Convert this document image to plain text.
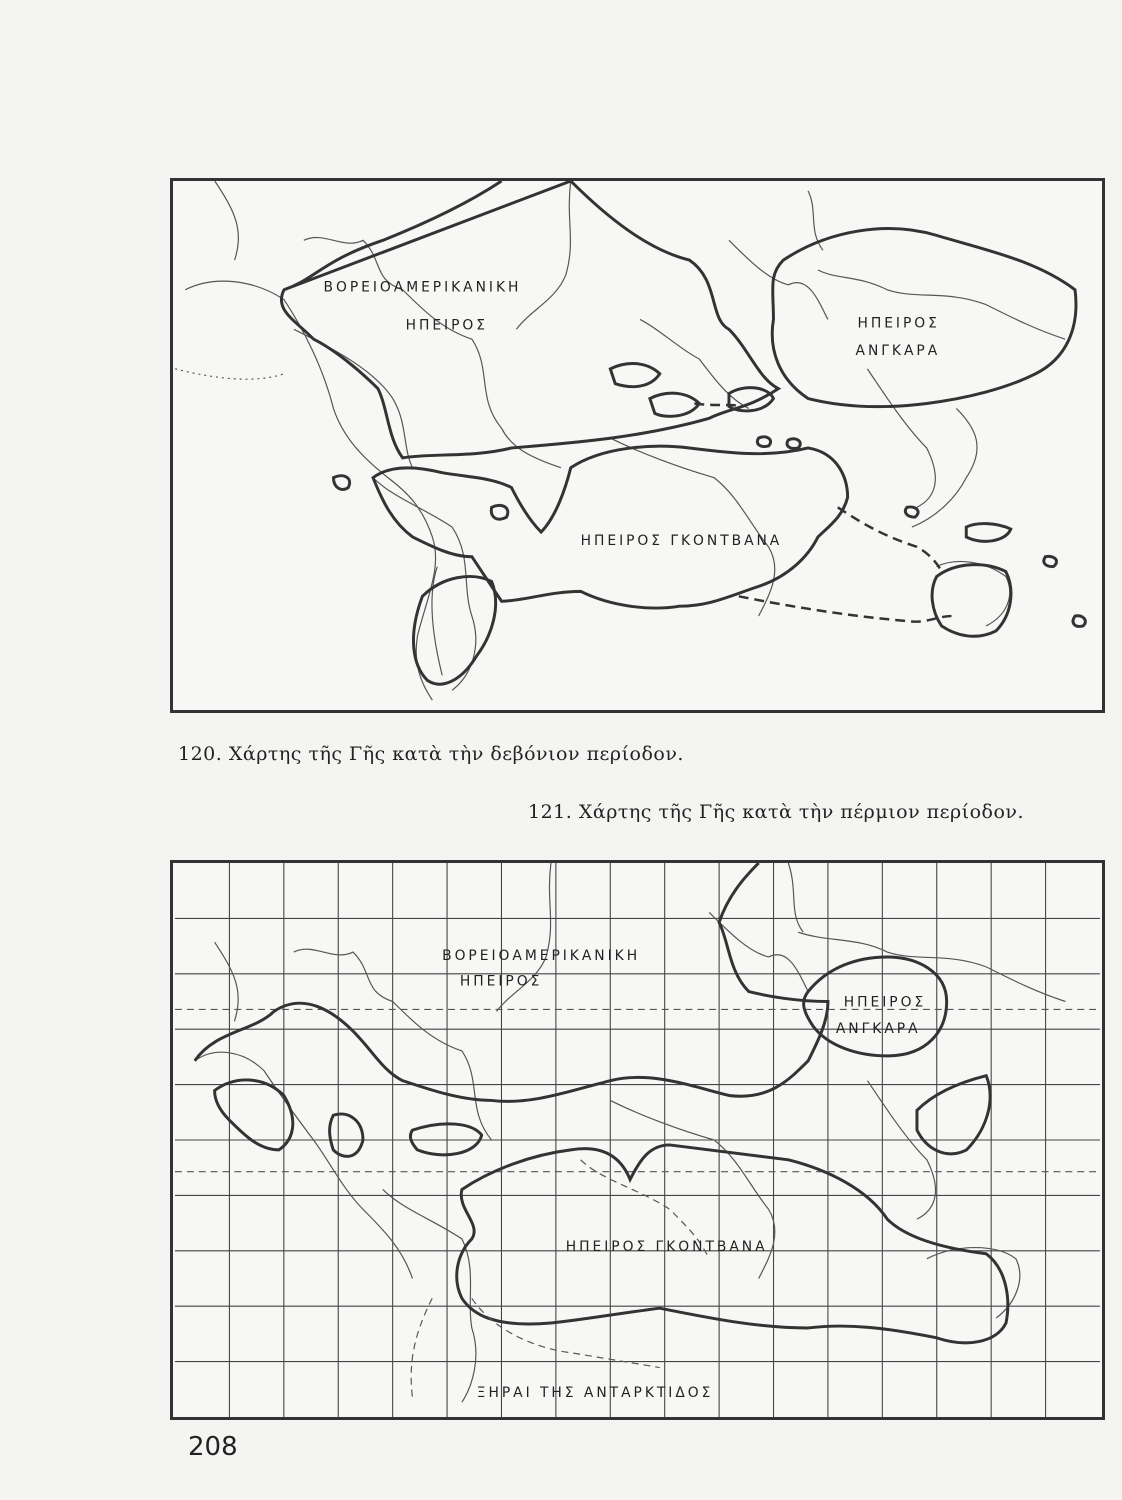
ΒΟΡΕΙΟΑΜΕΡΙΚΑΝΙΚΗ
ΗΠΕΙΡΟΣ	ΗΠΕΙΡΟΣ
ΑΝΓΚΑΡΑ
ΗΠΕΙΡΟΣ ΓΚΟΝΤΒΑΝΑ
120. Χάρτης τῆς Γῆς κατὰ τὴν δεβόνιον περίοδον.
121. Χάρτης τῆς Γῆς κατὰ τὴν πέρμιον περίοδον.
ΒΟΡΕΙΟΑΜΕΡΙΚΑΝΙΚΗ
ΗΠΕΙΡΟΣ
ΗΠΕΙΡΟΣ
ΑΝΓΚΑΡΑ
ΗΠΕΙΡΟΣ ΓΚΟΝΤΒΑΝΑ
ΞΗΡΑΙ ΤΗΣ ΑΝΤΑΡΚΤΙΔΟΣ
208
